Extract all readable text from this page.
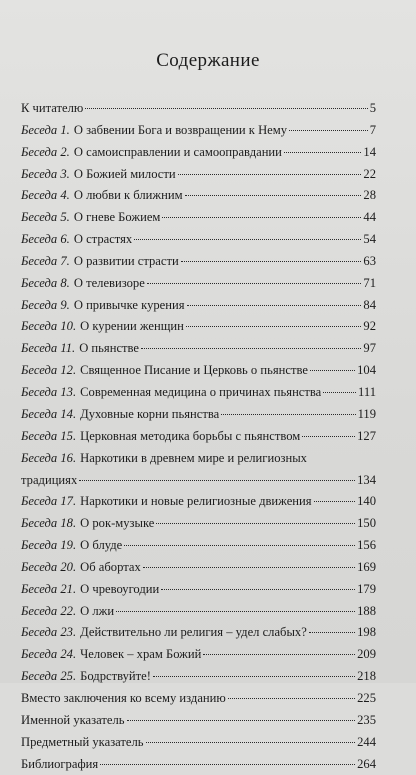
Содержание
К читателю	5
Беседа 1. О забвении Бога и возвращении к Нему	7
Беседа 2. О самоисправлении и самооправдании	14
Беседа 3. О Божией милости	22
Беседа 4. О любви к ближним	28
Беседа 5. О гневе Божием	44
Беседа 6. О страстях	54
Беседа 7. О развитии страсти	63
Беседа 8. О телевизоре	71
Беседа 9. О привычке курения	84
Беседа 10. О курении женщин	92
Беседа 11. О пьянстве	97
Беседа 12. Священное Писание и Церковь о пьянстве	104
Беседа 13. Современная медицина о причинах пьянства	111
Беседа 14. Духовные корни пьянства	119
Беседа 15. Церковная методика борьбы с пьянством	127
Беседа 16. Наркотики в древнем мире и религиозных
традициях	134
Беседа 17. Наркотики и новые религиозные движения	140
Беседа 18. О рок-музыке	150
Беседа 19. О блуде	156
Беседа 20. Об абортах	169
Беседа 21. О чревоугодии	179
Беседа 22. О лжи	188
Беседа 23. Действительно ли религия – удел слабых?	198
Беседа 24. Человек – храм Божий	209
Беседа 25. Бодрствуйте!	218
Вместо заключения ко всему изданию	225
Именной указатель	235
Предметный указатель	244
Библиография	264
